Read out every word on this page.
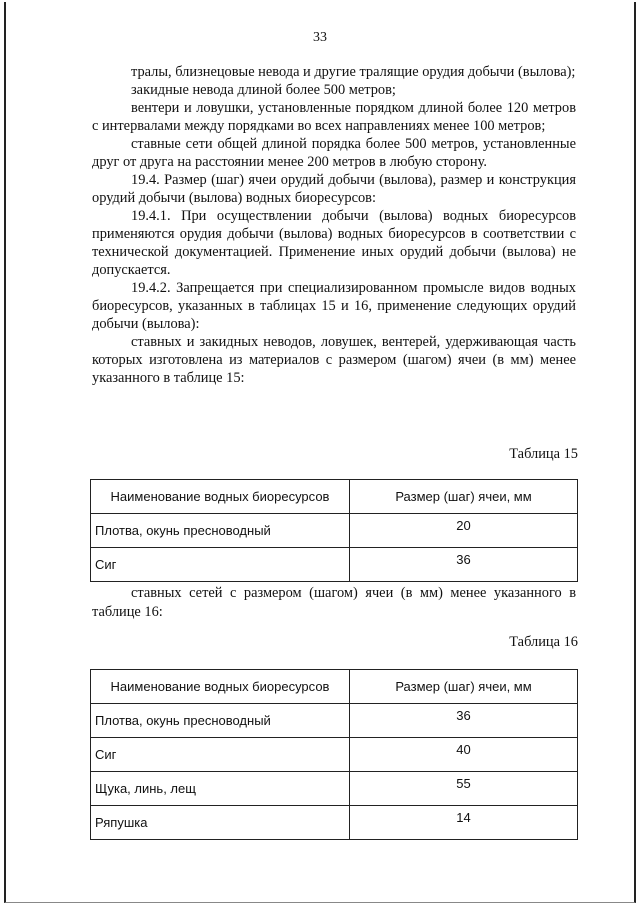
33

тралы, близнецовые невода и другие тралящие орудия добычи (вылова);

закидные невода длиной более 500 метров;

вентери и ловушки, установленные порядком длиной более 120 метров с интервалами между порядками во всех направлениях менее 100 метров;

ставные сети общей длиной порядка более 500 метров, установленные друг от друга на расстоянии менее 200 метров в любую сторону.

19.4. Размер (шаг) ячеи орудий добычи (вылова), размер и конструкция орудий добычи (вылова) водных биоресурсов:

19.4.1. При осуществлении добычи (вылова) водных биоресурсов применяются орудия добычи (вылова) водных биоресурсов в соответствии с технической документацией. Применение иных орудий добычи (вылова) не допускается.

19.4.2. Запрещается при специализированном промысле видов водных биоресурсов, указанных в таблицах 15 и 16, применение следующих орудий добычи (вылова):

ставных и закидных неводов, ловушек, вентерей, удерживающая часть которых изготовлена из материалов с размером (шагом) ячеи (в мм) менее указанного в таблице 15:

Таблица 15
Наименование водных биоресурсов	Размер (шаг) ячеи, мм
Плотва, окунь пресноводный	20
Сиг	36

ставных сетей с размером (шагом) ячеи (в мм) менее указанного в таблице 16:

Таблица 16
Наименование водных биоресурсов	Размер (шаг) ячеи, мм
Плотва, окунь пресноводный	36
Сиг	40
Щука, линь, лещ	55
Ряпушка	14
